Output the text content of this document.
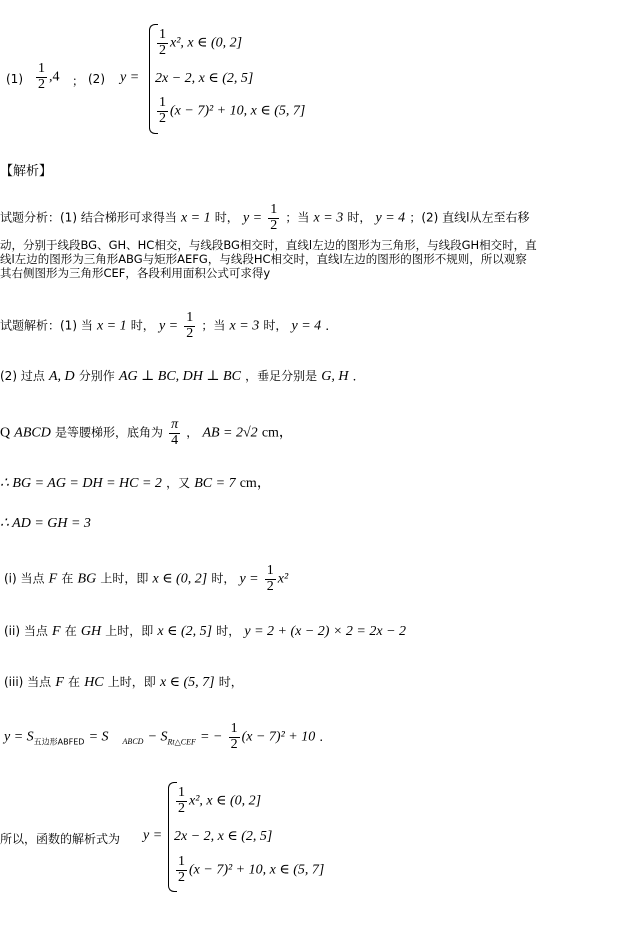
$(1) \frac{1}{2} ,4$ ； (2) y =
$\frac{1}{2} x^2$, x ∈ (0, 2]
2x − 2, x ∈ (2, 5]
$\frac{1}{2} (x - 7)^2 + 10$, x ∈ (5, 7]
【解析】
试题分析：(1) 结合梯形可求得当 x = 1 时， $y = \frac{1}{2}$ ；当 x = 3 时， y = 4 ；(2) 直线l从左至右移
动，分别于线段BG、GH、HC相交，与线段BG相交时，直线l左边的图形为三角形，与线段GH相交时，直
线l左边的图形为三角形ABG与矩形AEFG，与线段HC相交时，直线l左边的图形的图形不规则，所以观察
其右侧图形为三角形CEF，各段利用面积公式可求得y
试题解析：(1) 当 x = 1 时， $y = \frac{1}{2}$ ；当 x = 3 时， y = 4 ．
(2) 过点 A, D 分别作 AG ⊥ BC, DH ⊥ BC ，垂足分别是 G, H ．
Q ABCD 是等腰梯形，底角为 $\frac{\pi}{4}$ ， AB = 2√2 cm，
∴ BG = AG = DH = HC = 2 ，又 BC = 7 cm，
∴ AD = GH = 3
(i) 当点 F 在 BG 上时，即 x ∈ (0, 2] 时， $y = \frac{1}{2} x^2$
(ii) 当点 F 在 GH 上时，即 x ∈ (2, 5] 时， y = 2 + (x − 2) × 2 = 2x − 2
(iii) 当点 F 在 HC 上时，即 x ∈ (5, 7] 时，
$y = S_{五边形ABFED} = S$ $_{ABCD} - S_{Rt\triangle CEF}$ = − $\frac{1}{2} (x - 7)^2 + 10$ ．
所以，函数的解析式为 y =
$\frac{1}{2} x^2$, x ∈ (0, 2]
2x − 2, x ∈ (2, 5]
$\frac{1}{2} (x - 7)^2 + 10$, x ∈ (5, 7]
